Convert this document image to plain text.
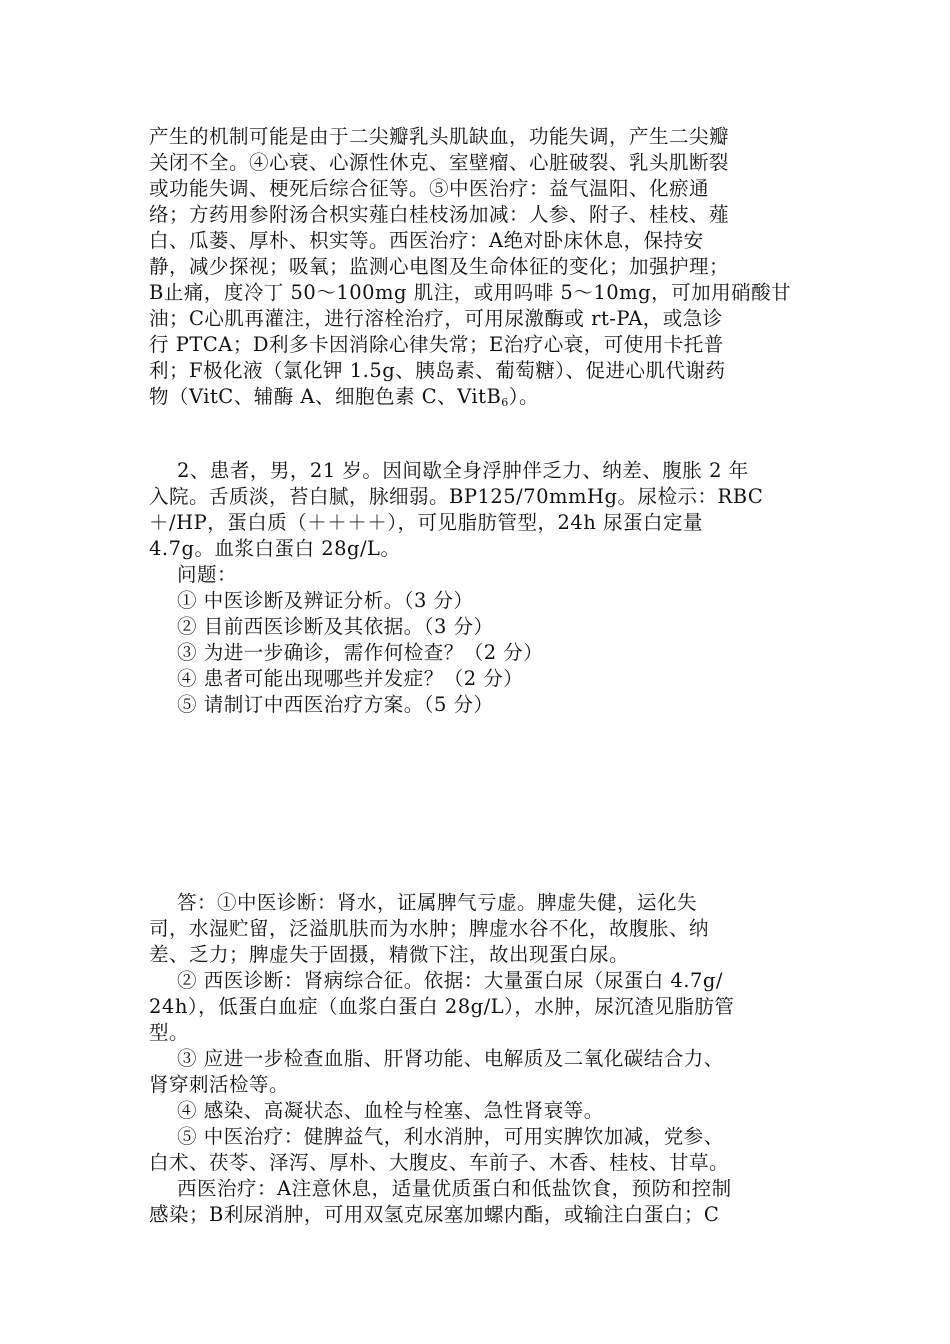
产生的机制可能是由于二尖瓣乳头肌缺血，功能失调，产生二尖瓣
关闭不全。④心衰、心源性休克、室壁瘤、心脏破裂、乳头肌断裂
或功能失调、梗死后综合征等。⑤中医治疗：益气温阳、化瘀通
络；方药用参附汤合枳实薤白桂枝汤加减：人参、附子、桂枝、薤
白、瓜蒌、厚朴、枳实等。西医治疗：A绝对卧床休息，保持安
静，减少探视；吸氧；监测心电图及生命体征的变化；加强护理；
B止痛，度冷丁 50～100mg 肌注，或用吗啡 5～10mg，可加用硝酸甘
油；C心肌再灌注，进行溶栓治疗，可用尿激酶或 rt-PA，或急诊
行 PTCA；D利多卡因消除心律失常；E治疗心衰，可使用卡托普
利；F极化液（氯化钾 1.5g、胰岛素、葡萄糖）、促进心肌代谢药
物（VitC、辅酶 A、细胞色素 C、VitB$_6$）。
2、患者，男，21 岁。因间歇全身浮肿伴乏力、纳差、腹胀 2 年
入院。舌质淡，苔白腻，脉细弱。BP125/70mmHg。尿检示：RBC
＋/HP，蛋白质（＋＋＋＋），可见脂肪管型，24h 尿蛋白定量
4.7g。血浆白蛋白 28g/L。
问题：
① 中医诊断及辨证分析。（3 分）
② 目前西医诊断及其依据。（3 分）
③ 为进一步确诊，需作何检查？（2 分）
④ 患者可能出现哪些并发症？（2 分）
⑤ 请制订中西医治疗方案。（5 分）
答：①中医诊断：肾水，证属脾气亏虚。脾虚失健，运化失
司，水湿贮留，泛溢肌肤而为水肿；脾虚水谷不化，故腹胀、纳
差、乏力；脾虚失于固摄，精微下注，故出现蛋白尿。
② 西医诊断：肾病综合征。依据：大量蛋白尿（尿蛋白 4.7g/
24h），低蛋白血症（血浆白蛋白 28g/L），水肿，尿沉渣见脂肪管
型。
③ 应进一步检查血脂、肝肾功能、电解质及二氧化碳结合力、
肾穿刺活检等。
④ 感染、高凝状态、血栓与栓塞、急性肾衰等。
⑤ 中医治疗：健脾益气，利水消肿，可用实脾饮加减，党参、
白术、茯苓、泽泻、厚朴、大腹皮、车前子、木香、桂枝、甘草。
西医治疗：A注意休息，适量优质蛋白和低盐饮食，预防和控制
感染；B利尿消肿，可用双氢克尿塞加螺内酯，或输注白蛋白；C
